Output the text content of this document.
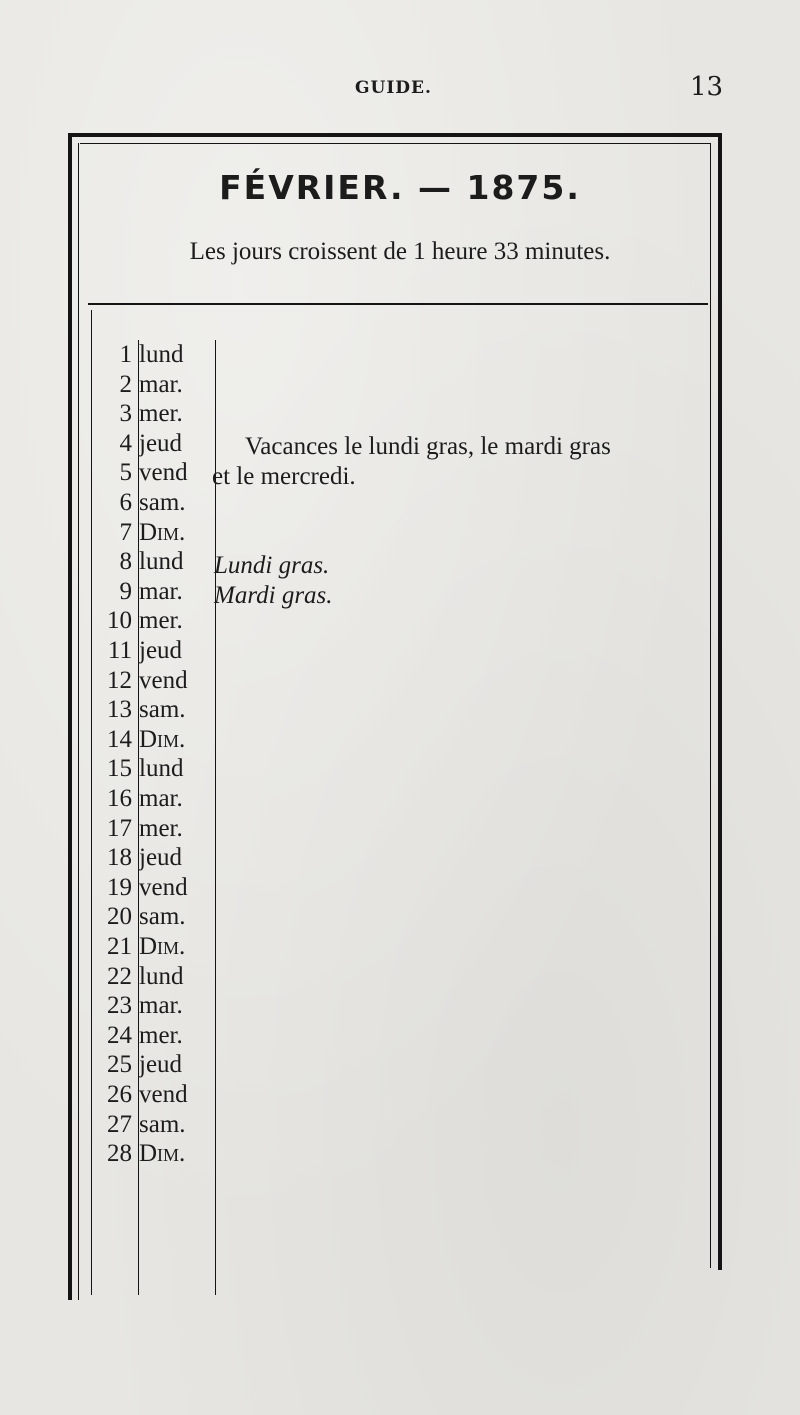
GUIDE.	13
FÉVRIER. — 1875.
Les jours croissent de 1 heure 33 minutes.
1 lund
2 mar.
3 mer.
4 jeud
5 vend
6 sam.
7 Dim.
8 lund
9 mar.
10 mer.
11 jeud
12 vend
13 sam.
14 Dim.
15 lund
16 mar.
17 mer.
18 jeud
19 vend
20 sam.
21 Dim.
22 lund
23 mar.
24 mer.
25 jeud
26 vend
27 sam.
28 Dim.
Vacances le lundi gras, le mardi gras
et le mercredi.
Lundi gras.
Mardi gras.
